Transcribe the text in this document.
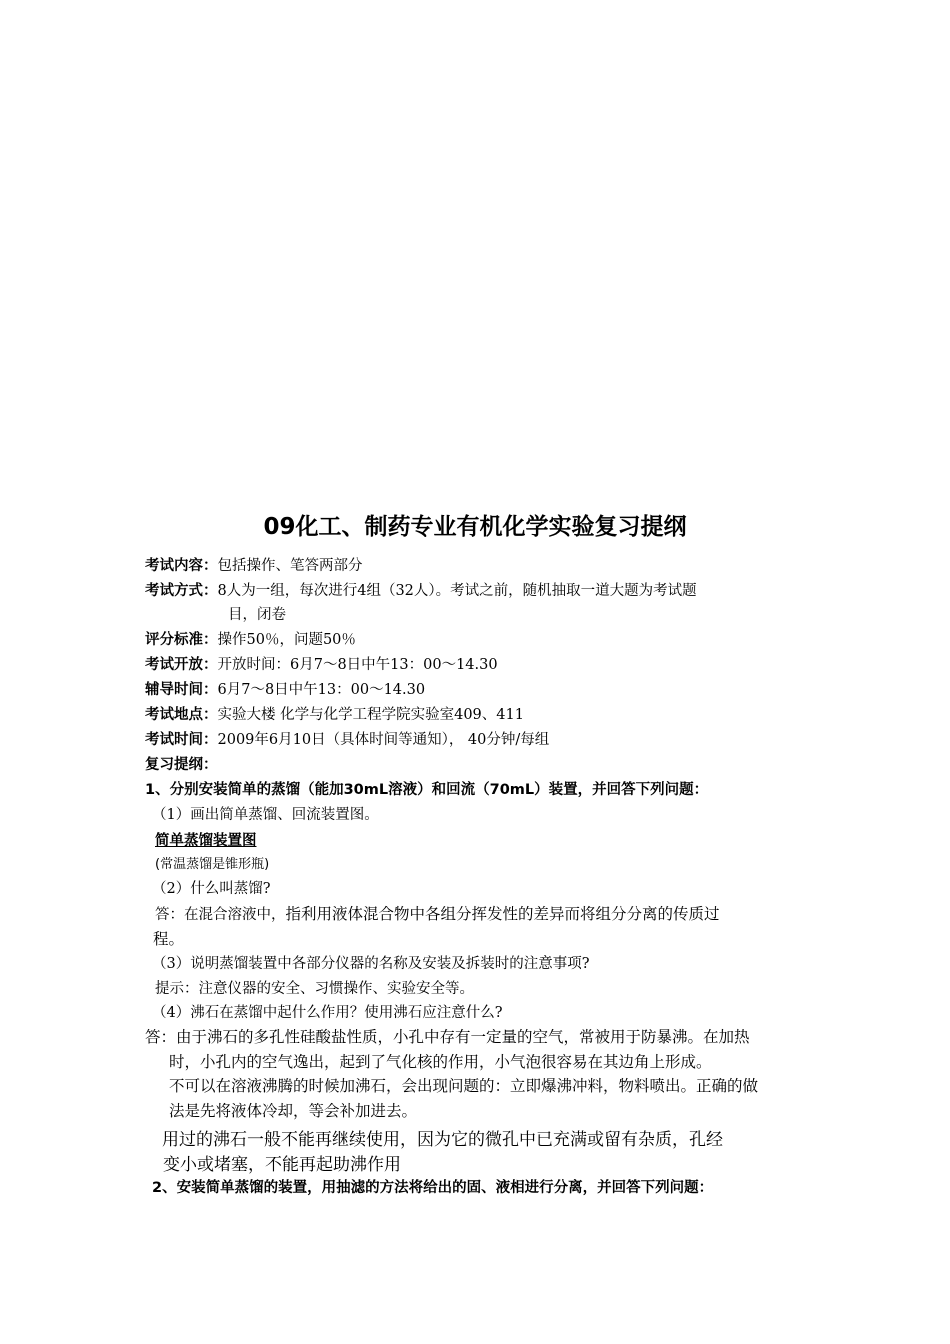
09化工、制药专业有机化学实验复习提纲
考试内容：包括操作、笔答两部分
考试方式：8人为一组，每次进行4组（32人）。考试之前，随机抽取一道大题为考试题
目，闭卷
评分标准：操作50％，问题50％
考试开放：开放时间：6月7～8日中午13：00～14.30
辅导时间：6月7～8日中午13：00～14.30
考试地点：实验大楼 化学与化学工程学院实验室409、411
考试时间：2009年6月10日（具体时间等通知）， 40分钟/每组
复习提纲：
1、分别安装简单的蒸馏（能加30mL溶液）和回流（70mL）装置，并回答下列问题：
（1）画出简单蒸馏、回流装置图。
简单蒸馏装置图
(常温蒸馏是锥形瓶)
（2）什么叫蒸馏?
答：在混合溶液中，指利用液体混合物中各组分挥发性的差异而将组分分离的传质过
程。
（3）说明蒸馏装置中各部分仪器的名称及安装及拆装时的注意事项?
提示：注意仪器的安全、习惯操作、实验安全等。
（4）沸石在蒸馏中起什么作用？使用沸石应注意什么?
答：由于沸石的多孔性硅酸盐性质，小孔中存有一定量的空气，常被用于防暴沸。在加热
时，小孔内的空气逸出，起到了气化核的作用，小气泡很容易在其边角上形成。
不可以在溶液沸腾的时候加沸石，会出现问题的：立即爆沸冲料，物料喷出。正确的做
法是先将液体冷却，等会补加进去。
用过的沸石一般不能再继续使用，因为它的微孔中已充满或留有杂质，孔经
变小或堵塞，不能再起助沸作用
2、安装简单蒸馏的装置，用抽滤的方法将给出的固、液相进行分离，并回答下列问题：
